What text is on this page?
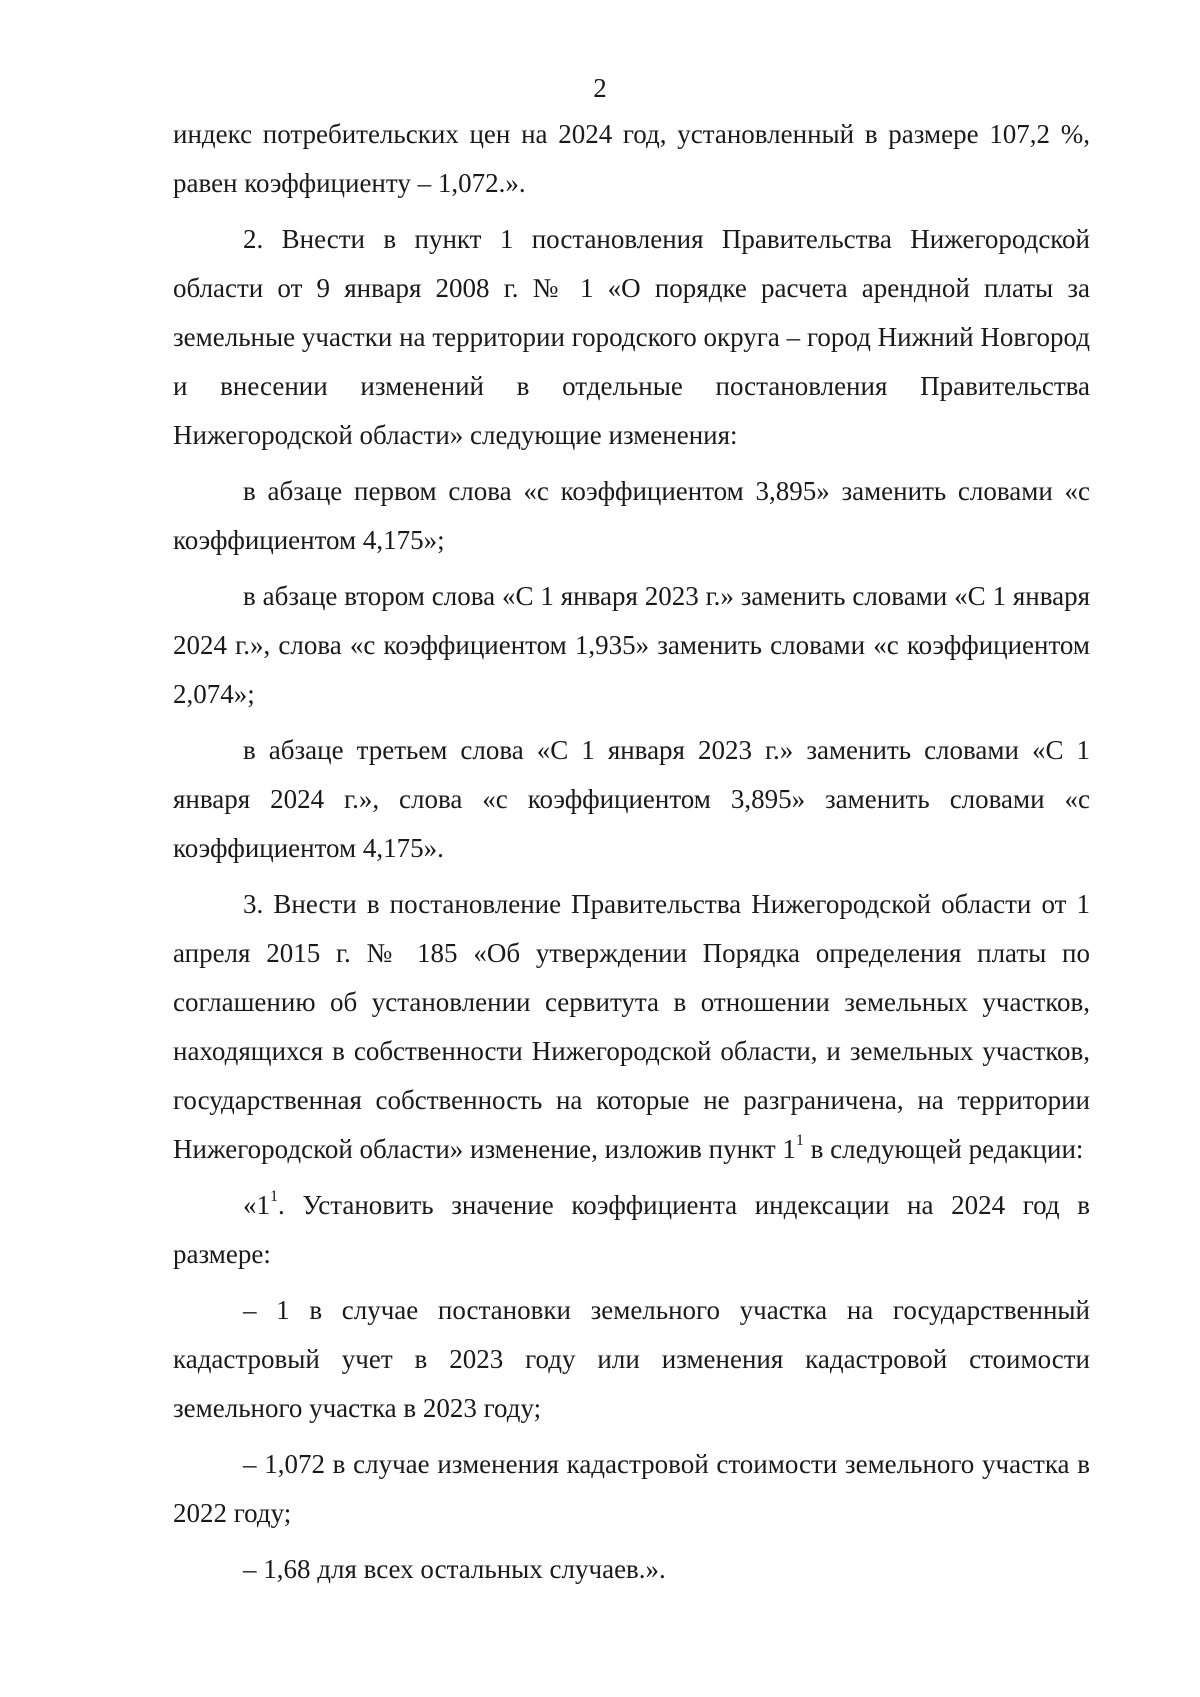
2

индекс потребительских цен на 2024 год, установленный в размере 107,2 %, равен коэффициенту – 1,072.».

2. Внести в пункт 1 постановления Правительства Нижегородской области от 9 января 2008 г. № 1 «О порядке расчета арендной платы за земельные участки на территории городского округа – город Нижний Новгород и внесении изменений в отдельные постановления Правительства Нижегородской области» следующие изменения:

в абзаце первом слова «с коэффициентом 3,895» заменить словами «с коэффициентом 4,175»;

в абзаце втором слова «С 1 января 2023 г.» заменить словами «С 1 января 2024 г.», слова «с коэффициентом 1,935» заменить словами «с коэффициентом 2,074»;

в абзаце третьем слова «С 1 января 2023 г.» заменить словами «С 1 января 2024 г.», слова «с коэффициентом 3,895» заменить словами «с коэффициентом 4,175».

3. Внести в постановление Правительства Нижегородской области от 1 апреля 2015 г. № 185 «Об утверждении Порядка определения платы по соглашению об установлении сервитута в отношении земельных участков, находящихся в собственности Нижегородской области, и земельных участков, государственная собственность на которые не разграничена, на территории Нижегородской области» изменение, изложив пункт $1^1$ в следующей редакции:

«$1^1$. Установить значение коэффициента индексации на 2024 год в размере:

– 1 в случае постановки земельного участка на государственный кадастровый учет в 2023 году или изменения кадастровой стоимости земельного участка в 2023 году;

– 1,072 в случае изменения кадастровой стоимости земельного участка в 2022 году;

– 1,68 для всех остальных случаев.».
